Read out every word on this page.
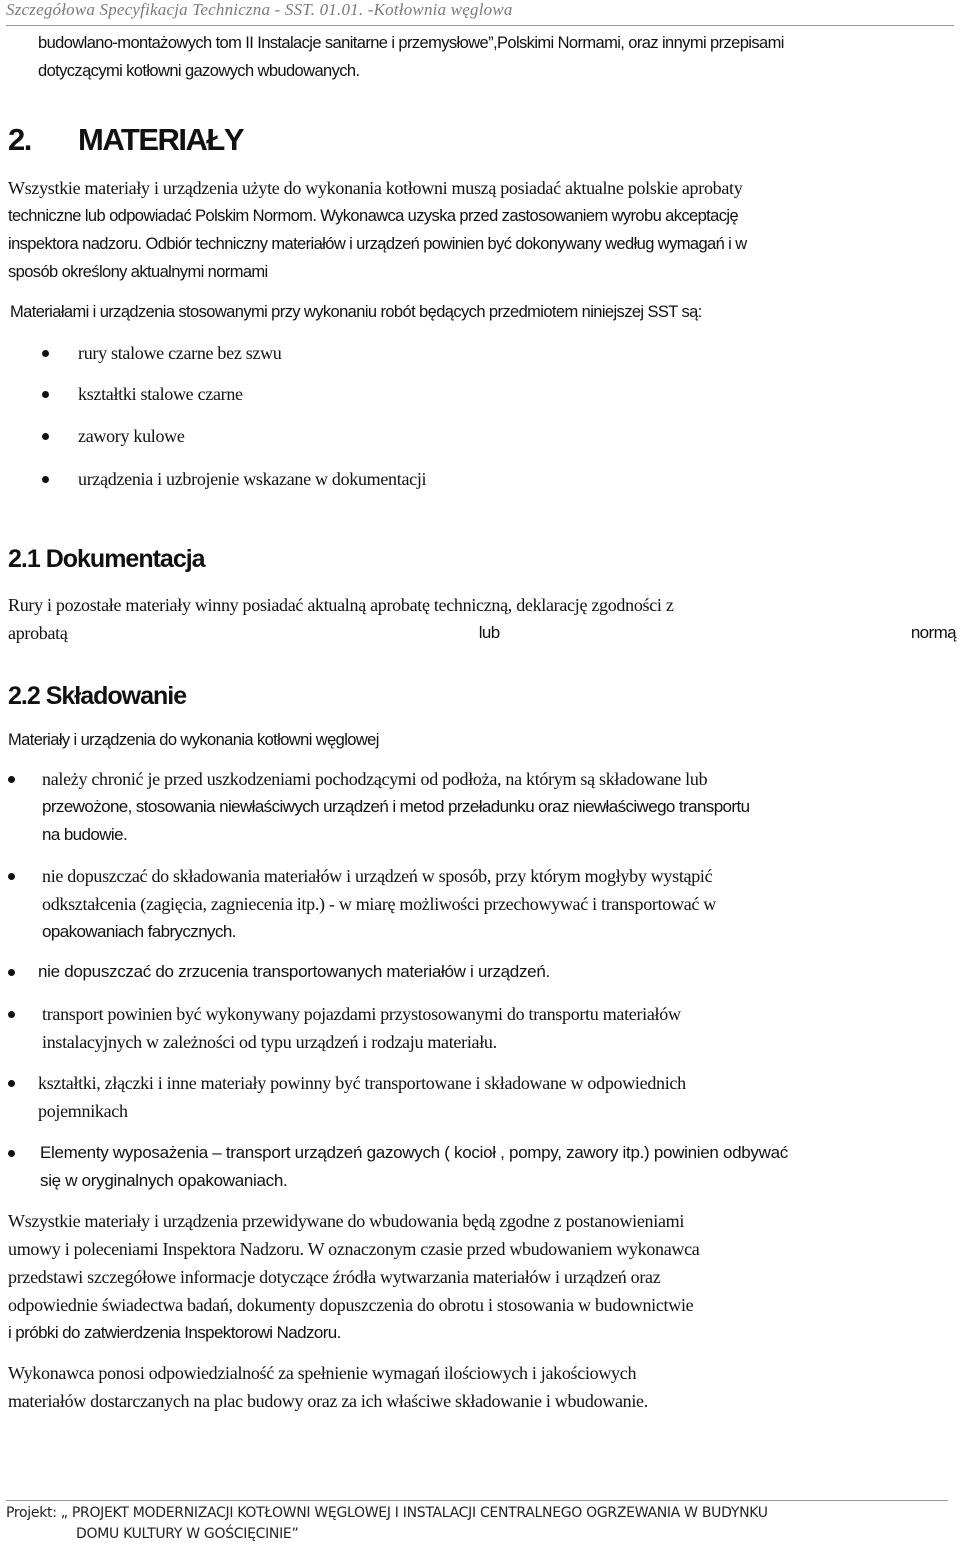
Szczegółowa Specyfikacja Techniczna - SST. 01.01. -Kotłownia węglowa
budowlano-montażowych tom II Instalacje sanitarne i przemysłowe”,Polskimi Normami, oraz innymi przepisami
dotyczącymi kotłowni gazowych wbudowanych.
2. MATERIAŁY
Wszystkie materiały i urządzenia użyte do wykonania kotłowni muszą posiadać aktualne polskie aprobaty
techniczne lub odpowiadać Polskim Normom. Wykonawca uzyska przed zastosowaniem wyrobu akceptację
inspektora nadzoru. Odbiór techniczny materiałów i urządzeń powinien być dokonywany według wymagań i w
sposób określony aktualnymi normami
Materiałami i urządzenia stosowanymi przy wykonaniu robót będących przedmiotem niniejszej SST są:
rury stalowe czarne bez szwu
kształtki stalowe czarne
zawory kulowe
urządzenia i uzbrojenie wskazane w dokumentacji
2.1 Dokumentacja
Rury i pozostałe materiały winny posiadać aktualną aprobatę techniczną, deklarację zgodności z
aprobatą	lub	normą
2.2 Składowanie
Materiały i urządzenia do wykonania kotłowni węglowej
należy chronić je przed uszkodzeniami pochodzącymi od podłoża, na którym są składowane lub
przewożone, stosowania niewłaściwych urządzeń i metod przeładunku oraz niewłaściwego transportu
na budowie.
nie dopuszczać do składowania materiałów i urządzeń w sposób, przy którym mogłyby wystąpić
odkształcenia (zagięcia, zagniecenia itp.) - w miarę możliwości przechowywać i transportować w
opakowaniach fabrycznych.
nie dopuszczać do zrzucenia transportowanych materiałów i urządzeń.
transport powinien być wykonywany pojazdami przystosowanymi do transportu materiałów
instalacyjnych w zależności od typu urządzeń i rodzaju materiału.
kształtki, złączki i inne materiały powinny być transportowane i składowane w odpowiednich
pojemnikach
Elementy wyposażenia – transport urządzeń gazowych ( kocioł , pompy, zawory itp.) powinien odbywać
się w oryginalnych opakowaniach.
Wszystkie materiały i urządzenia przewidywane do wbudowania będą zgodne z postanowieniami
umowy i poleceniami Inspektora Nadzoru. W oznaczonym czasie przed wbudowaniem wykonawca
przedstawi szczegółowe informacje dotyczące źródła wytwarzania materiałów i urządzeń oraz
odpowiednie świadectwa badań, dokumenty dopuszczenia do obrotu i stosowania w budownictwie
i próbki do zatwierdzenia Inspektorowi Nadzoru.
Wykonawca ponosi odpowiedzialność za spełnienie wymagań ilościowych i jakościowych
materiałów dostarczanych na plac budowy oraz za ich właściwe składowanie i wbudowanie.
Projekt: „ PROJEKT MODERNIZACJI KOTŁOWNI WĘGLOWEJ I INSTALACJI CENTRALNEGO OGRZEWANIA W BUDYNKU
DOMU KULTURY W GOŚCIĘCINIE”
